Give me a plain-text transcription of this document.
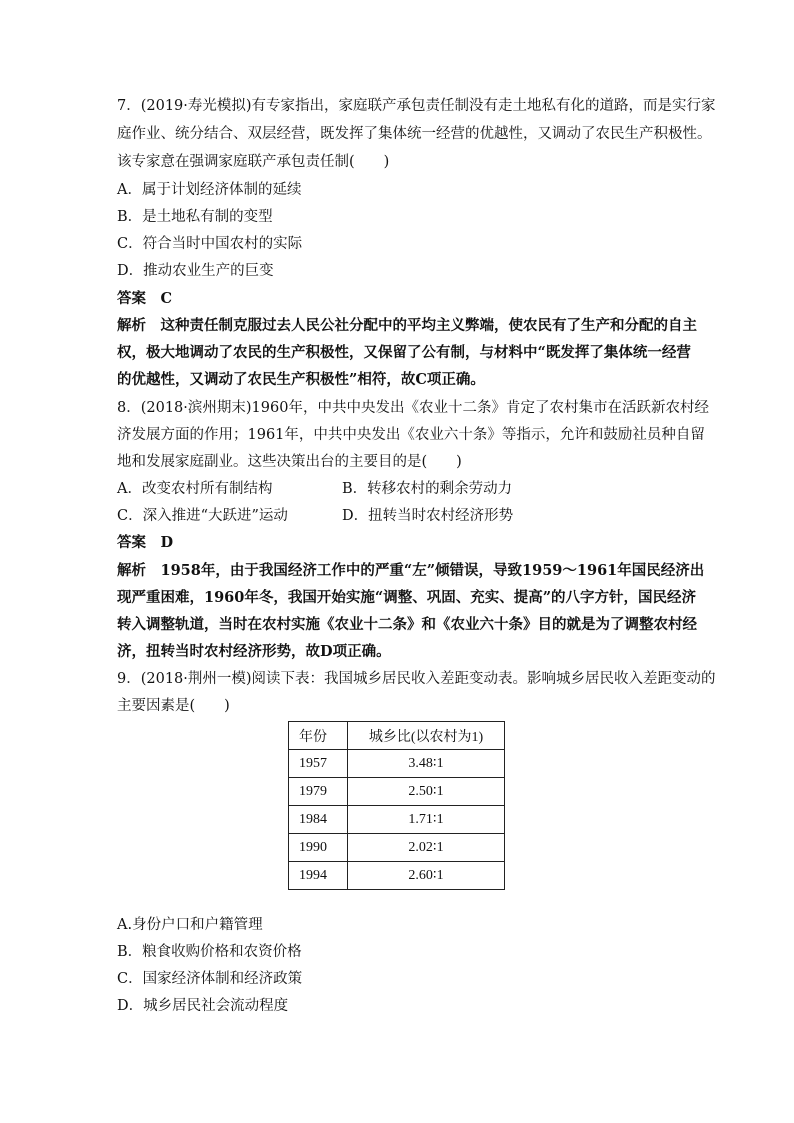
7．(2019·寿光模拟)有专家指出，家庭联产承包责任制没有走土地私有化的道路，而是实行家
庭作业、统分结合、双层经营，既发挥了集体统一经营的优越性，又调动了农民生产积极性。
该专家意在强调家庭联产承包责任制(　　)
A．属于计划经济体制的延续
B．是土地私有制的变型
C．符合当时中国农村的实际
D．推动农业生产的巨变
答案　C
解析　这种责任制克服过去人民公社分配中的平均主义弊端，使农民有了生产和分配的自主
权，极大地调动了农民的生产积极性，又保留了公有制，与材料中“既发挥了集体统一经营
的优越性，又调动了农民生产积极性”相符，故C项正确。
8．(2018·滨州期末)1960年，中共中央发出《农业十二条》肯定了农村集市在活跃新农村经
济发展方面的作用；1961年，中共中央发出《农业六十条》等指示，允许和鼓励社员种自留
地和发展家庭副业。这些决策出台的主要目的是(　　)
A．改变农村所有制结构	B．转移农村的剩余劳动力
C．深入推进“大跃进”运动	D．扭转当时农村经济形势
答案　D
解析　1958年，由于我国经济工作中的严重“左”倾错误，导致1959～1961年国民经济出
现严重困难，1960年冬，我国开始实施“调整、巩固、充实、提高”的八字方针，国民经济
转入调整轨道，当时在农村实施《农业十二条》和《农业六十条》目的就是为了调整农村经
济，扭转当时农村经济形势，故D项正确。
9．(2018·荆州一模)阅读下表：我国城乡居民收入差距变动表。影响城乡居民收入差距变动的
主要因素是(　　)
年份	城乡比(以农村为1)
1957	3.48∶1
1979	2.50∶1
1984	1.71∶1
1990	2.02∶1
1994	2.60∶1
A.身份户口和户籍管理
B．粮食收购价格和农资价格
C．国家经济体制和经济政策
D．城乡居民社会流动程度
